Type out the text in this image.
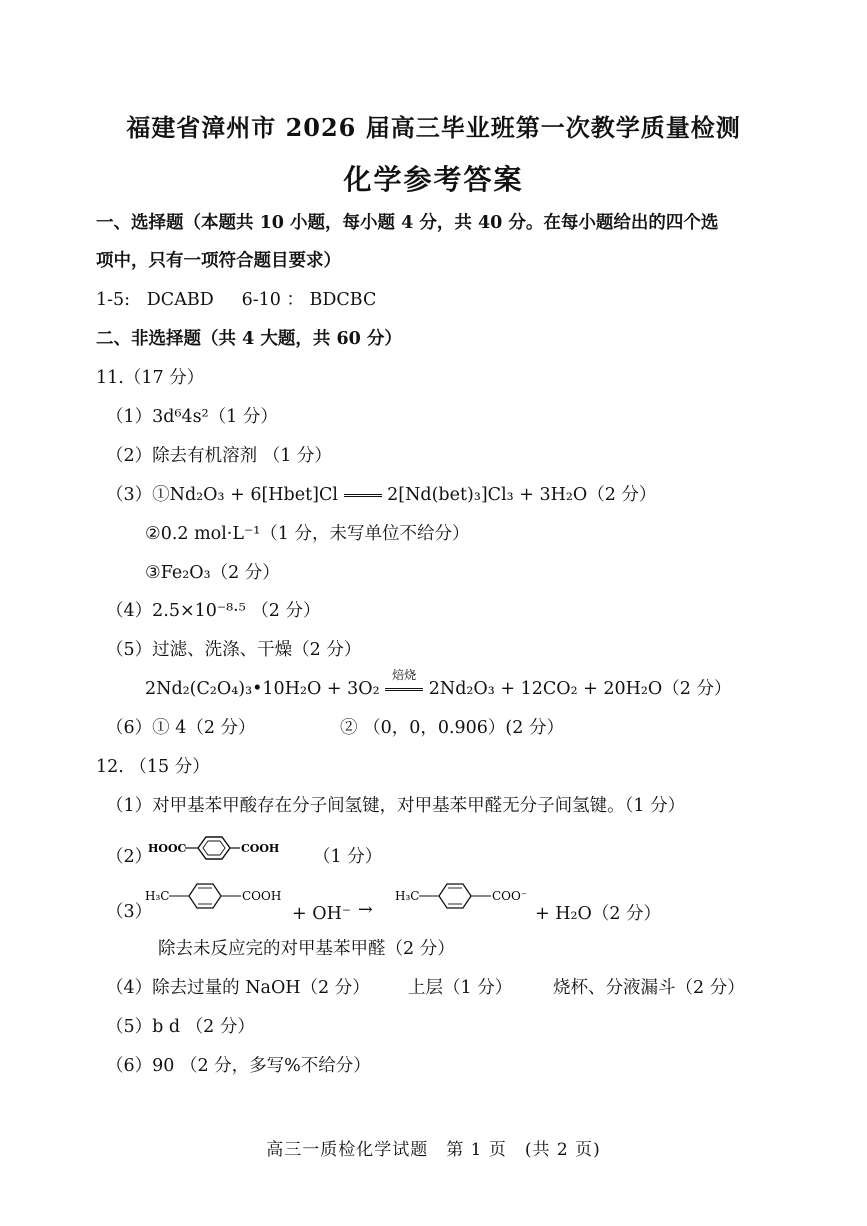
福建省漳州市 2026 届高三毕业班第一次教学质量检测
化学参考答案
一、选择题（本题共 10 小题，每小题 4 分，共 40 分。在每小题给出的四个选
项中，只有一项符合题目要求）
1-5: DCABD 6-10 ： BDCBC
二、非选择题（共 4 大题，共 60 分）
11.（17 分）
（1）3d⁶4s²（1 分）
（2）除去有机溶剂 （1 分）
（3）①Nd₂O₃ + 6[Hbet]Cl	2[Nd(bet)₃]Cl₃ + 3H₂O（2 分）
②0.2 mol·L⁻¹（1 分，未写单位不给分）
③Fe₂O₃（2 分）
（4）2.5×10⁻⁸·⁵ （2 分）
（5）过滤、洗涤、干燥（2 分）
2Nd₂(C₂O₄)₃•10H₂O + 3O₂
焙烧
2Nd₂O₃ + 12CO₂ + 20H₂O（2 分）
（6）① 4（2 分）	② （0，0，0.906）(2 分）
12. （15 分）
（1）对甲基苯甲酸存在分子间氢键，对甲基苯甲醛无分子间氢键。（1 分）
（2）
HOOC	COOH （1 分）
（3）
H₃C	COOH
+ OH⁻ →
H₃C	COO⁻
+ H₂O（2 分）
除去未反应完的对甲基苯甲醛（2 分）
（4）除去过量的 NaOH（2 分） 上层（1 分） 烧杯、分液漏斗（2 分）
（5）b d （2 分）
（6）90 （2 分，多写%不给分）
高三一质检化学试题　第 1 页　(共 2 页)
